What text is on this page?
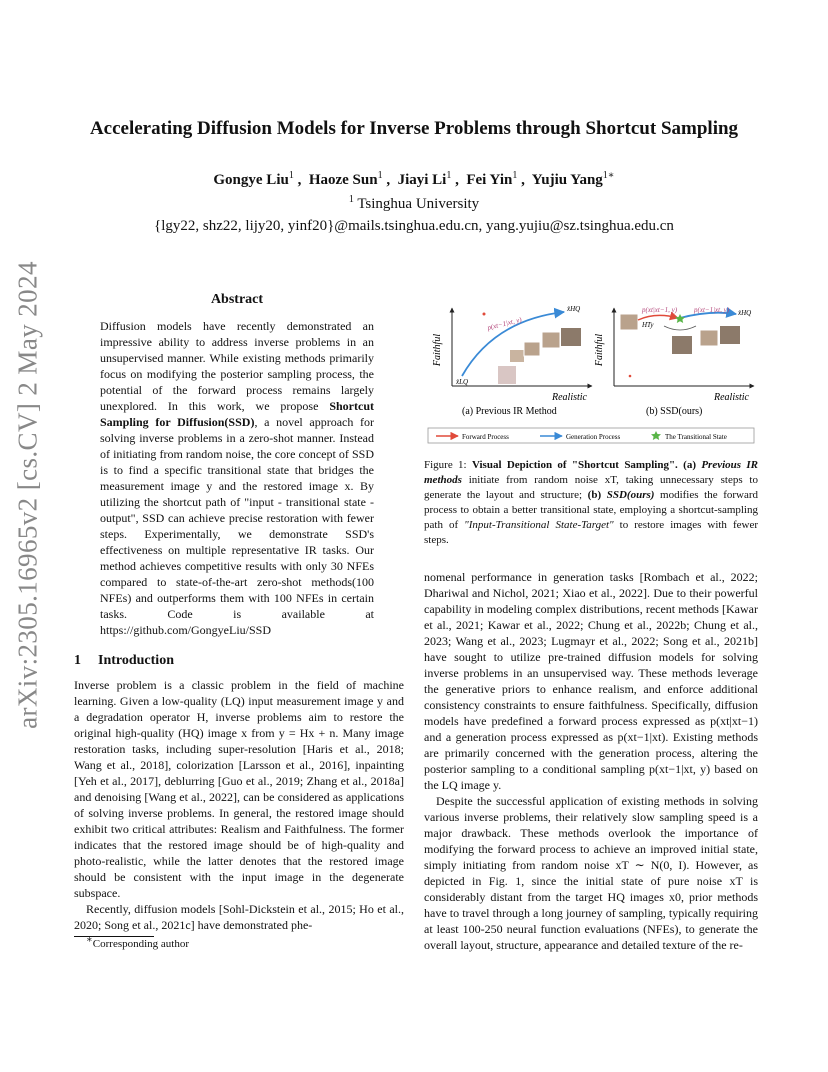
arXiv:2305.16965v2 [cs.CV] 2 May 2024
Accelerating Diffusion Models for Inverse Problems through Shortcut Sampling
Gongye Liu$^1$ ,  Haoze Sun$^1$ ,  Jiayi Li$^1$ ,  Fei Yin$^1$ ,  Yujiu Yang$^{1∗}$
$^1$ Tsinghua University
{lgy22, shz22, lijy20, yinf20}@mails.tsinghua.edu.cn, yang.yujiu@sz.tsinghua.edu.cn
Abstract
Diffusion models have recently demonstrated an impressive ability to address inverse problems in an unsupervised manner. While existing methods primarily focus on modifying the posterior sampling process, the potential of the forward process remains largely unexplored. In this work, we propose Shortcut Sampling for Diffusion(SSD), a novel approach for solving inverse problems in a zero-shot manner. Instead of initiating from random noise, the core concept of SSD is to find a specific transitional state that bridges the measurement image y and the restored image x. By utilizing the shortcut path of "input - transitional state - output", SSD can achieve precise restoration with fewer steps. Experimentally, we demonstrate SSD's effectiveness on multiple representative IR tasks. Our method achieves competitive results with only 30 NFEs compared to state-of-the-art zero-shot methods(100 NFEs) and outperforms them with 100 NFEs in certain tasks. Code is available at https://github.com/GongyeLiu/SSD
1 Introduction

Inverse problem is a classic problem in the field of machine learning. Given a low-quality (LQ) input measurement image y and a degradation operator H, inverse problems aim to restore the original high-quality (HQ) image x from y = Hx + n. Many image restoration tasks, including super-resolution [Haris et al., 2018; Wang et al., 2018], colorization [Larsson et al., 2016], inpainting [Yeh et al., 2017], deblurring [Guo et al., 2019; Zhang et al., 2018a] and denoising [Wang et al., 2022], can be considered as applications of solving inverse problems. In general, the restored image should exhibit two critical attributes: Realism and Faithfulness. The former indicates that the restored image should be of high-quality and photo-realistic, while the latter denotes that the restored image should be consistent with the input image in the degenerate subspace.

Recently, diffusion models [Sohl-Dickstein et al., 2015; Ho et al., 2020; Song et al., 2021c] have demonstrated phe-

∗Corresponding author
Faithful
Realistic
p(xt−1|xt, y)
x̂HQ
x̂LQ
(a) Previous IR Method
Faithful
Realistic
p(xt|xt−1, y) p(xt−1|xt, y) x̂HQ
HTy
(b) SSD(ours)
Forward Process	Generation Process	The Transitional State
Figure 1: Visual Depiction of "Shortcut Sampling". (a) Previous IR methods initiate from random noise xT, taking unnecessary steps to generate the layout and structure; (b) SSD(ours) modifies the forward process to obtain a better transitional state, employing a shortcut-sampling path of "Input-Transitional State-Target" to restore images with fewer steps.

nomenal performance in generation tasks [Rombach et al., 2022; Dhariwal and Nichol, 2021; Xiao et al., 2022]. Due to their powerful capability in modeling complex distributions, recent methods [Kawar et al., 2021; Kawar et al., 2022; Chung et al., 2022b; Chung et al., 2023; Wang et al., 2023; Lugmayr et al., 2022; Song et al., 2021b] have sought to utilize pre-trained diffusion models for solving inverse problems in an unsupervised way. These methods leverage the generative priors to enhance realism, and enforce additional consistency constraints to ensure faithfulness. Specifically, diffusion models have predefined a forward process expressed as p(xt|xt−1) and a generation process expressed as p(xt−1|xt). Existing methods are primarily concerned with the generation process, altering the posterior sampling to a conditional sampling p(xt−1|xt, y) based on the LQ image y.

Despite the successful application of existing methods in solving various inverse problems, their relatively slow sampling speed is a major drawback. These methods overlook the importance of modifying the forward process to achieve an improved initial state, simply initiating from random noise xT ∼ N(0, I). However, as depicted in Fig. 1, since the initial state of pure noise xT is considerably distant from the target HQ images x0, prior methods have to travel through a long journey of sampling, typically requiring at least 100-250 neural function evaluations (NFEs), to generate the overall layout, structure, appearance and detailed texture of the re-
